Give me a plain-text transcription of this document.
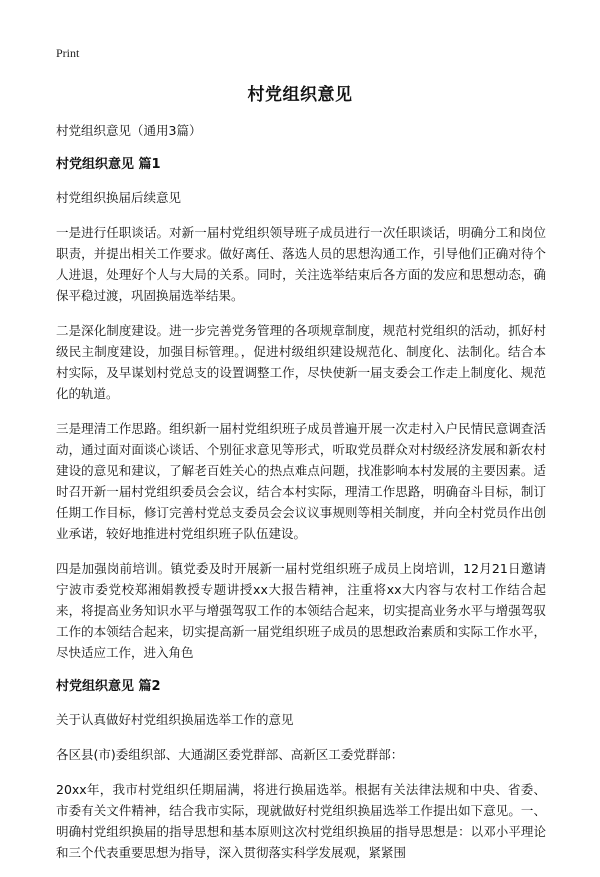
Print
村党组织意见

村党组织意见（通用3篇）

村党组织意见 篇1

村党组织换届后续意见

一是进行任职谈话。对新一届村党组织领导班子成员进行一次任职谈话，明确分工和岗位职责，并提出相关工作要求。做好离任、落选人员的思想沟通工作，引导他们正确对待个人进退，处理好个人与大局的关系。同时，关注选举结束后各方面的发应和思想动态，确保平稳过渡，巩固换届选举结果。

二是深化制度建设。进一步完善党务管理的各项规章制度，规范村党组织的活动，抓好村级民主制度建设，加强目标管理。，促进村级组织建设规范化、制度化、法制化。结合本村实际，及早谋划村党总支的设置调整工作，尽快使新一届支委会工作走上制度化、规范化的轨道。

三是理清工作思路。组织新一届村党组织班子成员普遍开展一次走村入户民情民意调查活动，通过面对面谈心谈话、个别征求意见等形式，听取党员群众对村级经济发展和新农村建设的意见和建议，了解老百姓关心的热点难点问题，找准影响本村发展的主要因素。适时召开新一届村党组织委员会会议，结合本村实际，理清工作思路，明确奋斗目标，制订任期工作目标，修订完善村党总支委员会会议议事规则等相关制度，并向全村党员作出创业承诺，较好地推进村党组织班子队伍建设。

四是加强岗前培训。镇党委及时开展新一届村党组织班子成员上岗培训，12月21日邀请宁波市委党校郑湘娟教授专题讲授xx大报告精神，注重将xx大内容与农村工作结合起来，将提高业务知识水平与增强驾驭工作的本领结合起来，切实提高业务水平与增强驾驭工作的本领结合起来，切实提高新一届党组织班子成员的思想政治素质和实际工作水平，尽快适应工作，进入角色

村党组织意见 篇2

关于认真做好村党组织换届选举工作的意见

各区县(市)委组织部、大通湖区委党群部、高新区工委党群部：

20xx年，我市村党组织任期届满，将进行换届选举。根据有关法律法规和中央、省委、市委有关文件精神，结合我市实际，现就做好村党组织换届选举工作提出如下意见。一、明确村党组织换届的指导思想和基本原则这次村党组织换届的指导思想是：以邓小平理论和三个代表重要思想为指导，深入贯彻落实科学发展观，紧紧围
